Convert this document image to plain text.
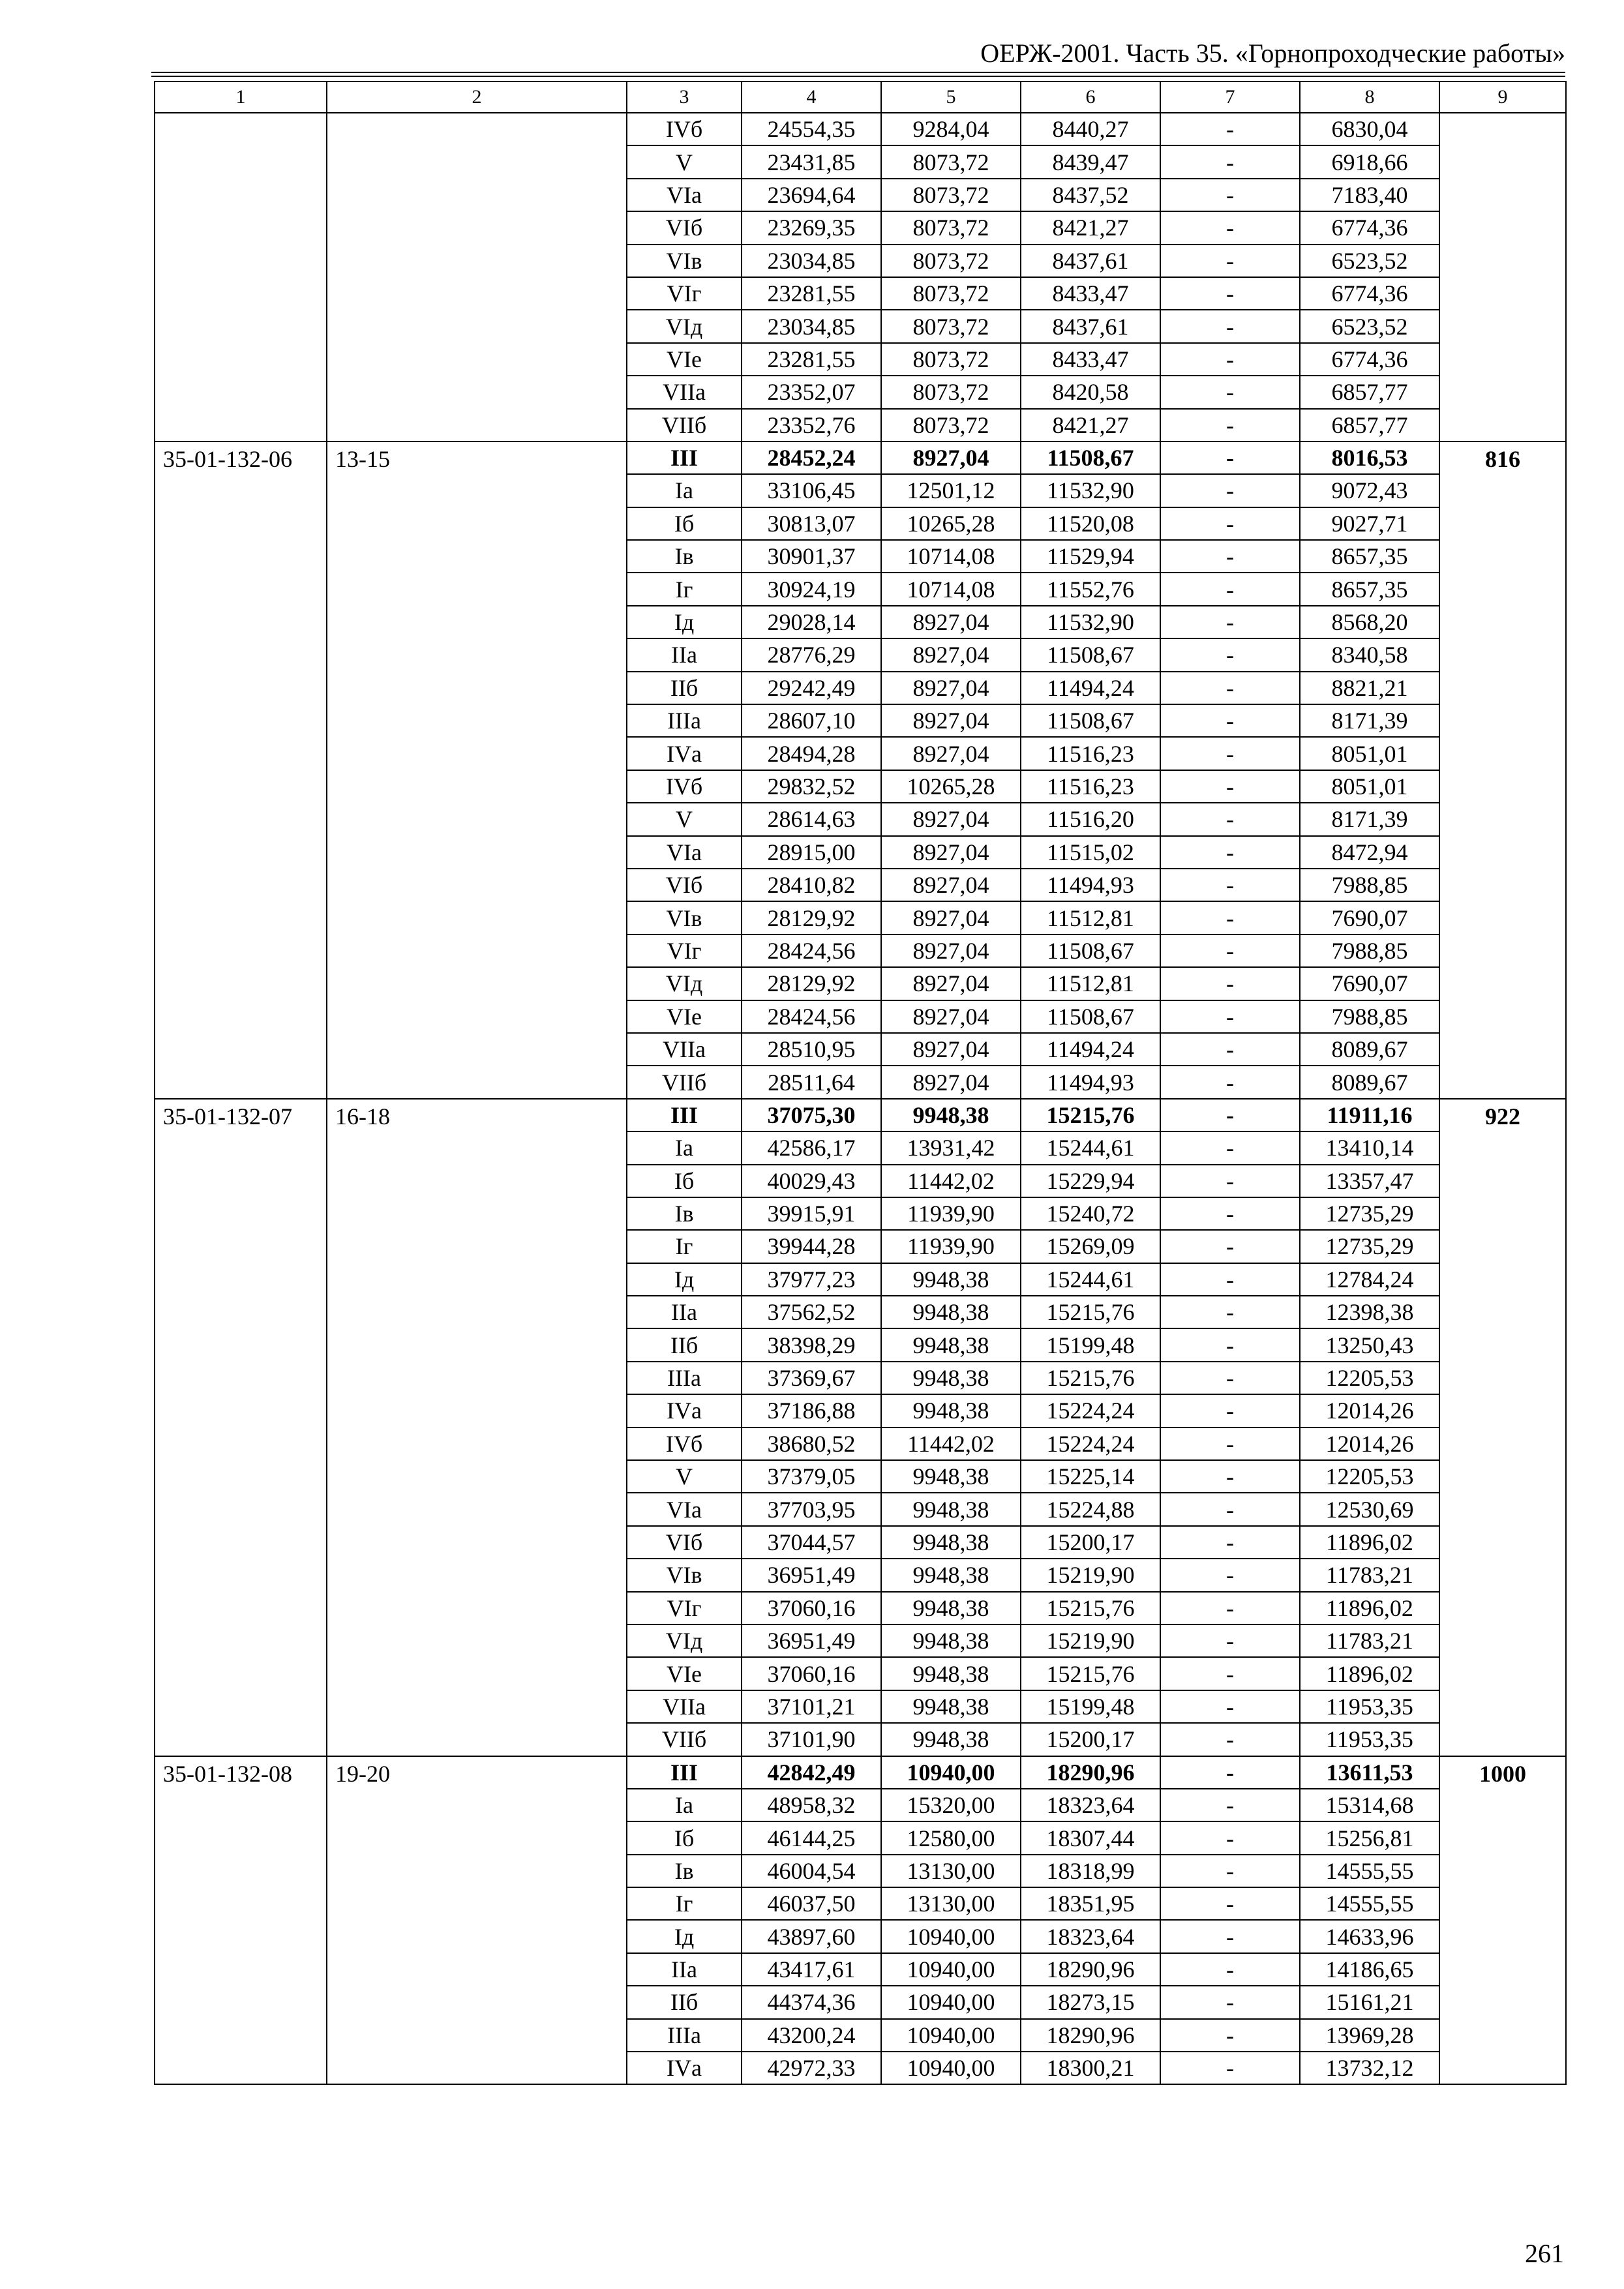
ОЕРЖ-2001. Часть 35. «Горнопроходческие работы»
1	2	3	4	5	6	7	8	9
		IVб	24554,35	9284,04	8440,27	-	6830,04	
		V	23431,85	8073,72	8439,47	-	6918,66	
		VIа	23694,64	8073,72	8437,52	-	7183,40	
		VIб	23269,35	8073,72	8421,27	-	6774,36	
		VIв	23034,85	8073,72	8437,61	-	6523,52	
		VIг	23281,55	8073,72	8433,47	-	6774,36	
		VIд	23034,85	8073,72	8437,61	-	6523,52	
		VIе	23281,55	8073,72	8433,47	-	6774,36	
		VIIа	23352,07	8073,72	8420,58	-	6857,77	
		VIIб	23352,76	8073,72	8421,27	-	6857,77	
35-01-132-06	13-15	III	28452,24	8927,04	11508,67	-	8016,53	816
		Iа	33106,45	12501,12	11532,90	-	9072,43	
		Iб	30813,07	10265,28	11520,08	-	9027,71	
		Iв	30901,37	10714,08	11529,94	-	8657,35	
		Iг	30924,19	10714,08	11552,76	-	8657,35	
		Iд	29028,14	8927,04	11532,90	-	8568,20	
		IIа	28776,29	8927,04	11508,67	-	8340,58	
		IIб	29242,49	8927,04	11494,24	-	8821,21	
		IIIа	28607,10	8927,04	11508,67	-	8171,39	
		IVа	28494,28	8927,04	11516,23	-	8051,01	
		IVб	29832,52	10265,28	11516,23	-	8051,01	
		V	28614,63	8927,04	11516,20	-	8171,39	
		VIа	28915,00	8927,04	11515,02	-	8472,94	
		VIб	28410,82	8927,04	11494,93	-	7988,85	
		VIв	28129,92	8927,04	11512,81	-	7690,07	
		VIг	28424,56	8927,04	11508,67	-	7988,85	
		VIд	28129,92	8927,04	11512,81	-	7690,07	
		VIе	28424,56	8927,04	11508,67	-	7988,85	
		VIIа	28510,95	8927,04	11494,24	-	8089,67	
		VIIб	28511,64	8927,04	11494,93	-	8089,67	
35-01-132-07	16-18	III	37075,30	9948,38	15215,76	-	11911,16	922
		Iа	42586,17	13931,42	15244,61	-	13410,14	
		Iб	40029,43	11442,02	15229,94	-	13357,47	
		Iв	39915,91	11939,90	15240,72	-	12735,29	
		Iг	39944,28	11939,90	15269,09	-	12735,29	
		Iд	37977,23	9948,38	15244,61	-	12784,24	
		IIа	37562,52	9948,38	15215,76	-	12398,38	
		IIб	38398,29	9948,38	15199,48	-	13250,43	
		IIIа	37369,67	9948,38	15215,76	-	12205,53	
		IVа	37186,88	9948,38	15224,24	-	12014,26	
		IVб	38680,52	11442,02	15224,24	-	12014,26	
		V	37379,05	9948,38	15225,14	-	12205,53	
		VIа	37703,95	9948,38	15224,88	-	12530,69	
		VIб	37044,57	9948,38	15200,17	-	11896,02	
		VIв	36951,49	9948,38	15219,90	-	11783,21	
		VIг	37060,16	9948,38	15215,76	-	11896,02	
		VIд	36951,49	9948,38	15219,90	-	11783,21	
		VIе	37060,16	9948,38	15215,76	-	11896,02	
		VIIа	37101,21	9948,38	15199,48	-	11953,35	
		VIIб	37101,90	9948,38	15200,17	-	11953,35	
35-01-132-08	19-20	III	42842,49	10940,00	18290,96	-	13611,53	1000
		Iа	48958,32	15320,00	18323,64	-	15314,68	
		Iб	46144,25	12580,00	18307,44	-	15256,81	
		Iв	46004,54	13130,00	18318,99	-	14555,55	
		Iг	46037,50	13130,00	18351,95	-	14555,55	
		Iд	43897,60	10940,00	18323,64	-	14633,96	
		IIа	43417,61	10940,00	18290,96	-	14186,65	
		IIб	44374,36	10940,00	18273,15	-	15161,21	
		IIIа	43200,24	10940,00	18290,96	-	13969,28	
		IVа	42972,33	10940,00	18300,21	-	13732,12	
261
